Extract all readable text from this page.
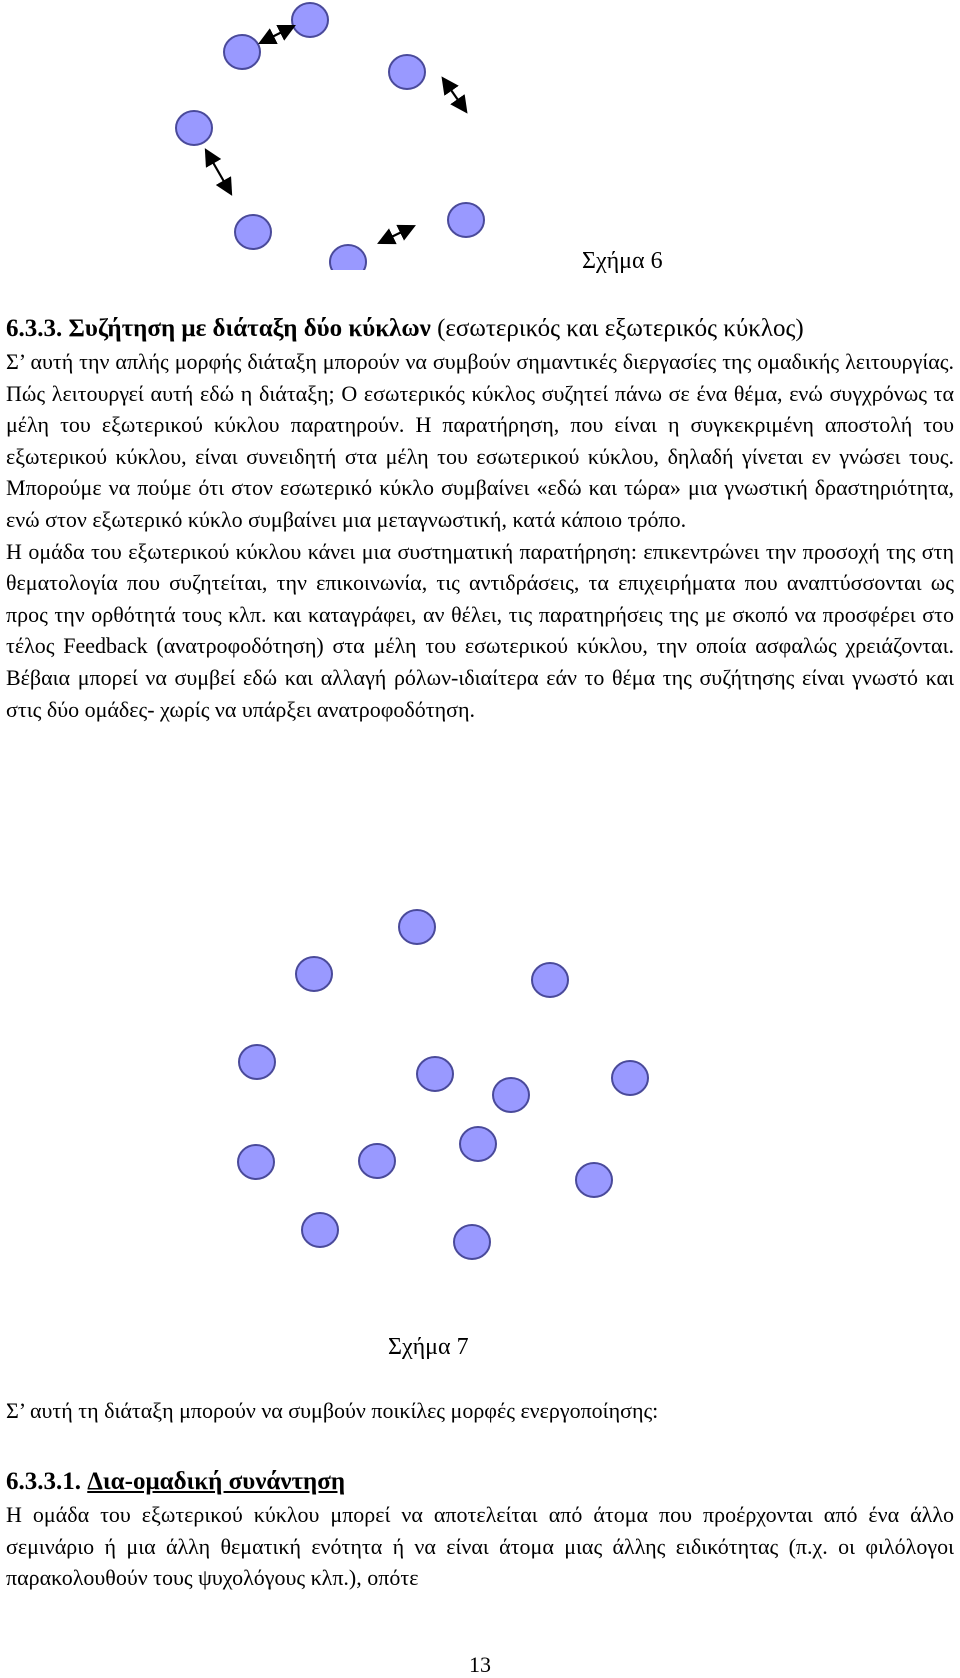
Σχήμα 6

6.3.3. Συζήτηση με διάταξη δύο κύκλων (εσωτερικός και εξωτερικός κύκλος)

Σ’ αυτή την απλής μορφής διάταξη μπορούν να συμβούν σημαντικές διεργασίες της ομαδικής λειτουργίας. Πώς λειτουργεί αυτή εδώ η διάταξη; Ο εσωτερικός κύκλος συζητεί πάνω σε ένα θέμα, ενώ συγχρόνως τα μέλη του εξωτερικού κύκλου παρατηρούν. Η παρατήρηση, που είναι η συγκεκριμένη αποστολή του εξωτερικού κύκλου, είναι συνειδητή στα μέλη του εσωτερικού κύκλου, δηλαδή γίνεται εν γνώσει τους. Μπορούμε να πούμε ότι στον εσωτερικό κύκλο συμβαίνει «εδώ και τώρα» μια γνωστική δραστηριότητα, ενώ στον εξωτερικό κύκλο συμβαίνει μια μεταγνωστική, κατά κάποιο τρόπο.

Η ομάδα του εξωτερικού κύκλου κάνει μια συστηματική παρατήρηση: επικεντρώνει την προσοχή της στη θεματολογία που συζητείται, την επικοινωνία, τις αντιδράσεις, τα επιχειρήματα που αναπτύσσονται ως προς την ορθότητά τους κλπ. και καταγράφει, αν θέλει, τις παρατηρήσεις της με σκοπό να προσφέρει στο τέλος Feedback (ανατροφοδότηση) στα μέλη του εσωτερικού κύκλου, την οποία ασφαλώς χρειάζονται. Βέβαια μπορεί να συμβεί εδώ και αλλαγή ρόλων-ιδιαίτερα εάν το θέμα της συζήτησης είναι γνωστό και στις δύο ομάδες- χωρίς να υπάρξει ανατροφοδότηση.

Σχήμα 7

Σ’ αυτή τη διάταξη μπορούν να συμβούν ποικίλες μορφές ενεργοποίησης:

6.3.3.1. Δια-ομαδική συνάντηση

Η ομάδα του εξωτερικού κύκλου μπορεί να αποτελείται από άτομα που προέρχονται από ένα άλλο σεμινάριο ή μια άλλη θεματική ενότητα ή να είναι άτομα μιας άλλης ειδικότητας (π.χ. οι φιλόλογοι παρακολουθούν τους ψυχολόγους κλπ.), οπότε

13
